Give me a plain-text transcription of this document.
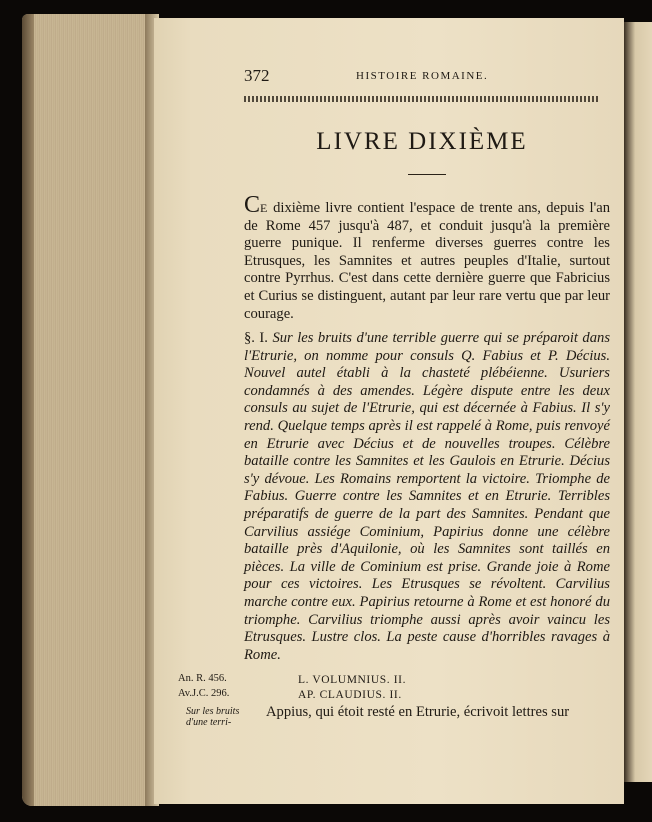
372	HISTOIRE ROMAINE.
LIVRE DIXIÈME
CE dixième livre contient l'espace de trente ans, depuis l'an de Rome 457 jusqu'à 487, et conduit jusqu'à la première guerre punique. Il renferme diverses guerres contre les Etrusques, les Samnites et autres peuples d'Italie, surtout contre Pyrrhus. C'est dans cette dernière guerre que Fabricius et Curius se distinguent, autant par leur rare vertu que par leur courage.
§. I. Sur les bruits d'une terrible guerre qui se préparoit dans l'Etrurie, on nomme pour consuls Q. Fabius et P. Décius. Nouvel autel établi à la chasteté plébéienne. Usuriers condamnés à des amendes. Légère dispute entre les deux consuls au sujet de l'Etrurie, qui est décernée à Fabius. Il s'y rend. Quelque temps après il est rappelé à Rome, puis renvoyé en Etrurie avec Décius et de nouvelles troupes. Célèbre bataille contre les Samnites et les Gaulois en Etrurie. Décius s'y dévoue. Les Romains remportent la victoire. Triomphe de Fabius. Guerre contre les Samnites et en Etrurie. Terribles préparatifs de guerre de la part des Samnites. Pendant que Carvilius assiége Cominium, Papirius donne une célèbre bataille près d'Aquilonie, où les Samnites sont taillés en pièces. La ville de Cominium est prise. Grande joie à Rome pour ces victoires. Les Etrusques se révoltent. Carvilius marche contre eux. Papirius retourne à Rome et est honoré du triomphe. Carvilius triomphe aussi après avoir vaincu les Etrusques. Lustre clos. La peste cause d'horribles ravages à Rome.
An. R. 456.
Av.J.C. 296.
Sur les bruits
d'une terri-
L. VOLUMNIUS. II.
AP. CLAUDIUS. II.
Appius, qui étoit resté en Etrurie, écrivoit lettres sur
